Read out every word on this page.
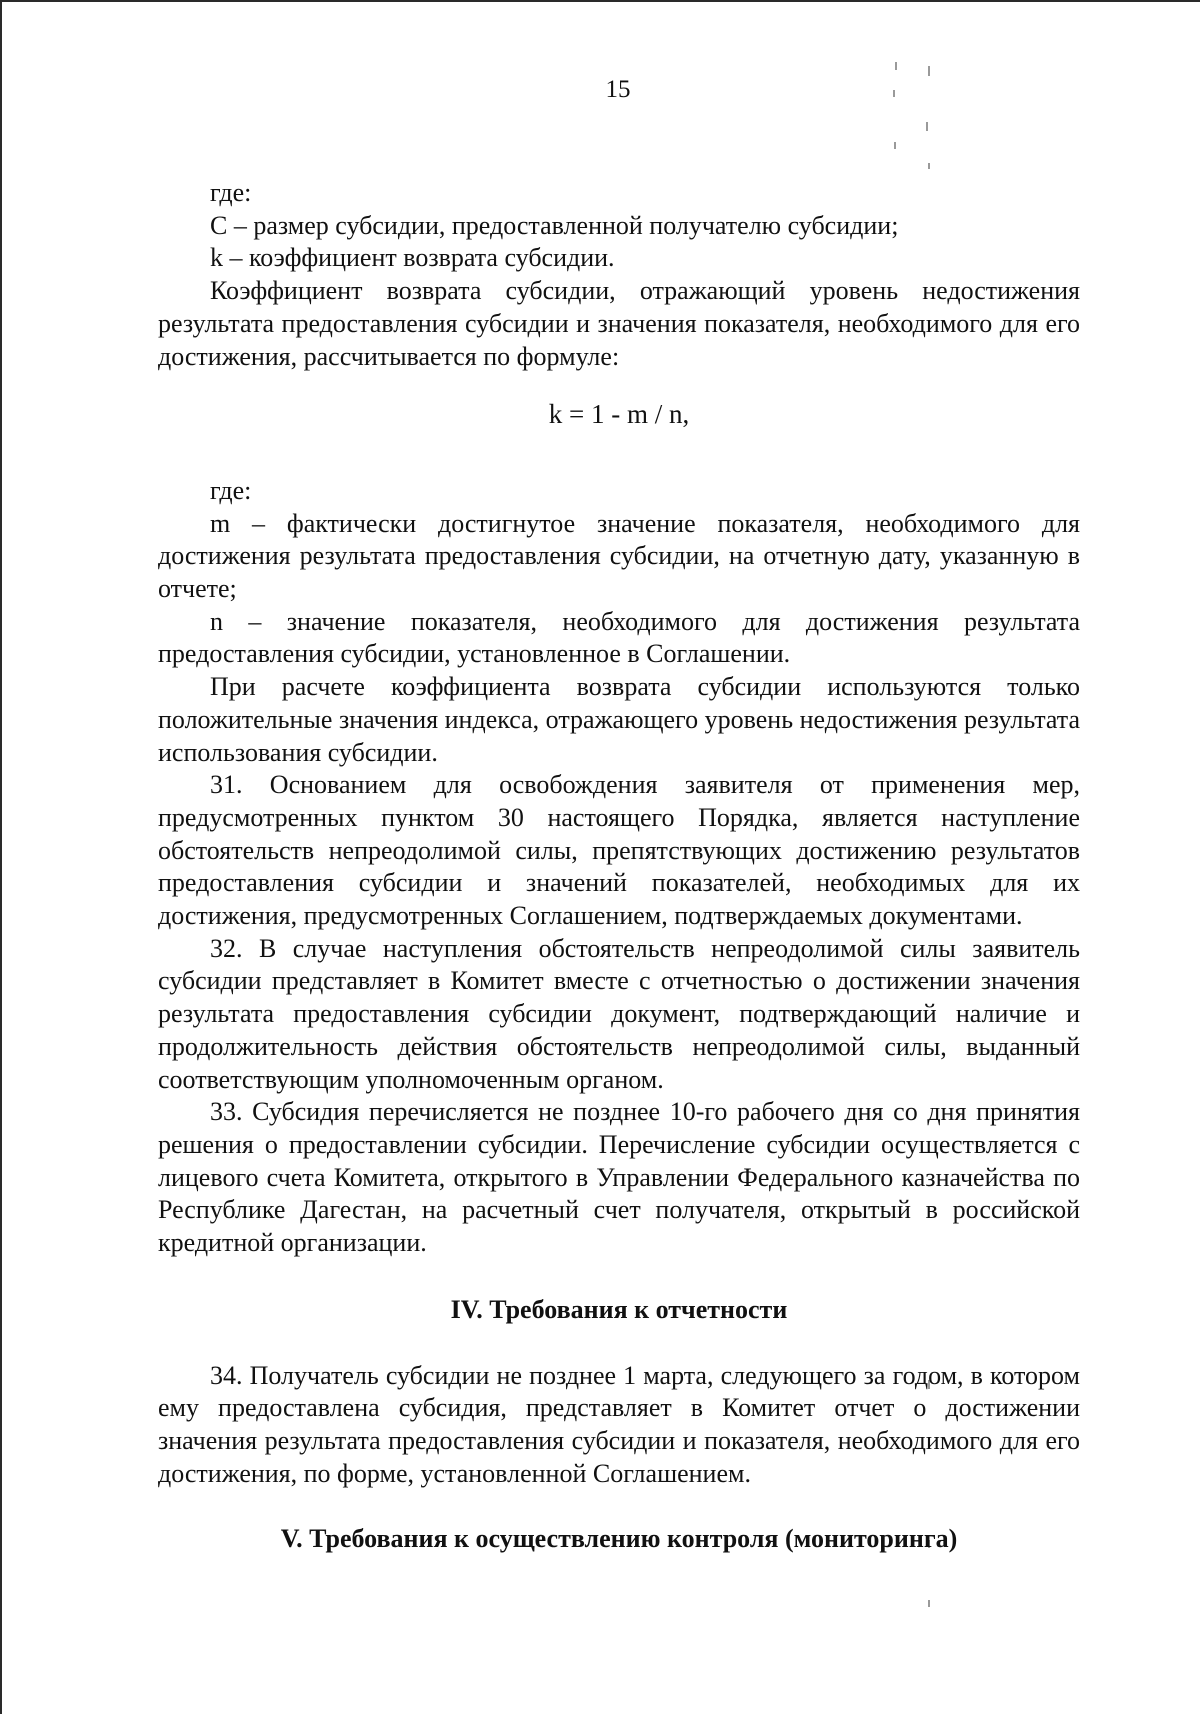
15

где:

С – размер субсидии, предоставленной получателю субсидии;

k – коэффициент возврата субсидии.

Коэффициент возврата субсидии, отражающий уровень недостижения результата предоставления субсидии и значения показателя, необходимого для его достижения, рассчитывается по формуле:

k = 1 - m / n,

где:

m – фактически достигнутое значение показателя, необходимого для достижения результата предоставления субсидии, на отчетную дату, указанную в отчете;

n – значение показателя, необходимого для достижения результата предоставления субсидии, установленное в Соглашении.

При расчете коэффициента возврата субсидии используются только положительные значения индекса, отражающего уровень недостижения результата использования субсидии.

31. Основанием для освобождения заявителя от применения мер, предусмотренных пунктом 30 настоящего Порядка, является наступление обстоятельств непреодолимой силы, препятствующих достижению результатов предоставления субсидии и значений показателей, необходимых для их достижения, предусмотренных Соглашением, подтверждаемых документами.

32. В случае наступления обстоятельств непреодолимой силы заявитель субсидии представляет в Комитет вместе с отчетностью о достижении значения результата предоставления субсидии документ, подтверждающий наличие и продолжительность действия обстоятельств непреодолимой силы, выданный соответствующим уполномоченным органом.

33. Субсидия перечисляется не позднее 10-го рабочего дня со дня принятия решения о предоставлении субсидии. Перечисление субсидии осуществляется с лицевого счета Комитета, открытого в Управлении Федерального казначейства по Республике Дагестан, на расчетный счет получателя, открытый в российской кредитной организации.

IV. Требования к отчетности

34. Получатель субсидии не позднее 1 марта, следующего за годом, в котором ему предоставлена субсидия, представляет в Комитет отчет о достижении значения результата предоставления субсидии и показателя, необходимого для его достижения, по форме, установленной Соглашением.

V. Требования к осуществлению контроля (мониторинга)
